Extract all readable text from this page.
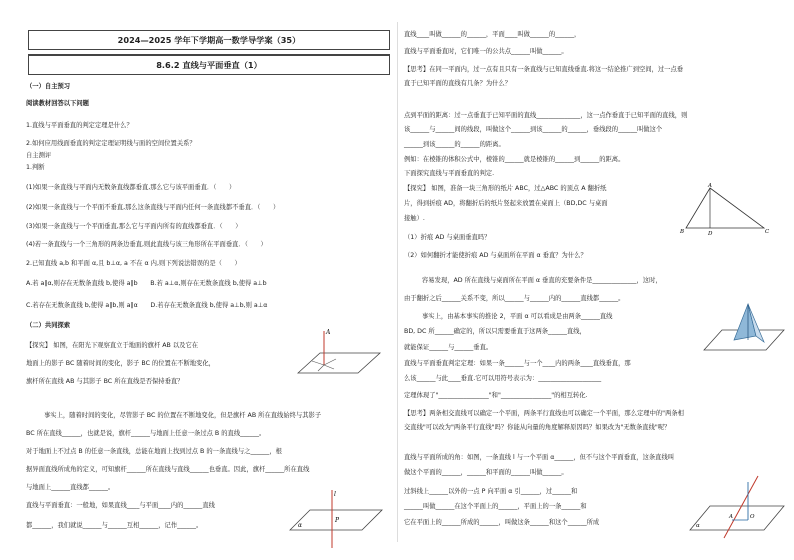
2024—2025 学年下学期高一数学导学案（35）
8.6.2 直线与平面垂直（1）
（一）自主预习
阅读教材回答以下问题
1.直线与平面垂直的判定定理是什么？
2.如何应用线面垂直的判定定理证明线与面的空间位置关系？
自主测评
1.判断
(1)如果一条直线与平面内无数条直线都垂直,那么它与该平面垂直．（　　）
(2)如果一条直线与一个平面不垂直,那么这条直线与平面内任何一条直线都不垂直．（　　）
(3)如果一条直线与一个平面垂直,那么它与平面内所有的直线都垂直．（　　）
(4)若一条直线与一个三角形的两条边垂直,则此直线与该三角形所在平面垂直．（　　）
2.已知直线 a,b 和平面 α,且 b⊥α, a 不在 α 内,则下列说法错误的是（　　）
A.若 a∥α,则存在无数条直线 b,使得 a∥b　　B.若 a⊥α,则存在无数条直线 b,使得 a⊥b
C.若存在无数条直线 b,使得 a∥b,则 a∥α　　D.若存在无数条直线 b,使得 a⊥b,则 a⊥α
（二）共同探索
【探究】 如图，在阳光下观察直立于地面的旗杆 AB 以及它在
地面上的影子 BC 随着时间的变化，影子 BC 的位置在不断地变化，
旗杆所在直线 AB 与其影子 BC 所在直线是否保持垂直？
事实上，随着时间的变化，尽管影子 BC 的位置在不断地变化，但是旗杆 AB 所在直线始终与其影子
BC 所在直线______，也就是说，旗杆______与地面上任意一条过点 B 的直线______。
对于地面上不过点 B 的任意一条直线，总能在地面上找到过点 B 的一条直线与之______，根
据异面直线所成角的定义，可知旗杆______所在直线与直线______也垂直。因此，旗杆______所在直线
与地面上______直线都______。
直线与平面垂直：一般地，如果直线____与平面____内的______直线
都______，我们就说______与______互相______，记作______。
A
l
α
P
直线____叫做______的______，平面____叫做______的______，
直线与平面垂直时，它们唯一的公共点______叫做______。
【思考】在同一平面内，过一点有且只有一条直线与已知直线垂直.将这一结论推广到空间，过一点垂
直于已知平面的直线有几条？为什么？
点到平面的距离：过一点垂直于已知平面的直线______________，这一点作垂直于已知平面的直线，则
该______与______间的线段，叫做这个______到该______的______，垂线段的______叫做这个
______到该______的______的距离。
例如：在棱锥的体积公式中，棱锥的______就是棱锥的______到______的距离。
下面探究直线与平面垂直的判定.
【探究】 如图，准备一块三角形的纸片 ABC，过△ABC 的顶点 A 翻折纸
片，得到折痕 AD，将翻折后的纸片竖起来放置在桌面上（BD,DC 与桌面
接触）.
（1）折痕 AD 与桌面垂直吗？
（2）如何翻折才能使折痕 AD 与桌面所在平面 α 垂直？为什么？
容易发现，AD 所在直线与桌面所在平面 α 垂直的充要条件是______________，这时，
由于翻折之后______关系不变，所以______与______内的______直线都______。
事实上，由基本事实的推论 2，平面 α 可以看成是由两条______直线
BD, DC 所______确定的，所以只需要垂直于这两条______直线，
就能保证______与______垂直。
直线与平面垂直判定定理：如果一条______与一个____内的两条____直线垂直，那
么该______与此____垂直.它可以用符号表示为：____________________
定理体现了"________________"和"________________"的相互转化.
【思考】两条相交直线可以确定一个平面，两条平行直线也可以确定一个平面，那么定理中的"两条相
交直线"可以改为"两条平行直线"吗？你能从向量的角度解释原因吗？如果改为"无数条直线"呢？
直线与平面所成的角：如图，一条直线 l 与一个平面 α______，但不与这个平面垂直，这条直线叫
做这个平面的______，______和平面的______叫做______。
过斜线上______以外的一点 P 向平面 α 引______，过______和
______叫做______在这个平面上的______，平面上的一条______和
它在平面上的______所成的______，叫做这条______和这个______所成
A
B	C
D
A	O
α
